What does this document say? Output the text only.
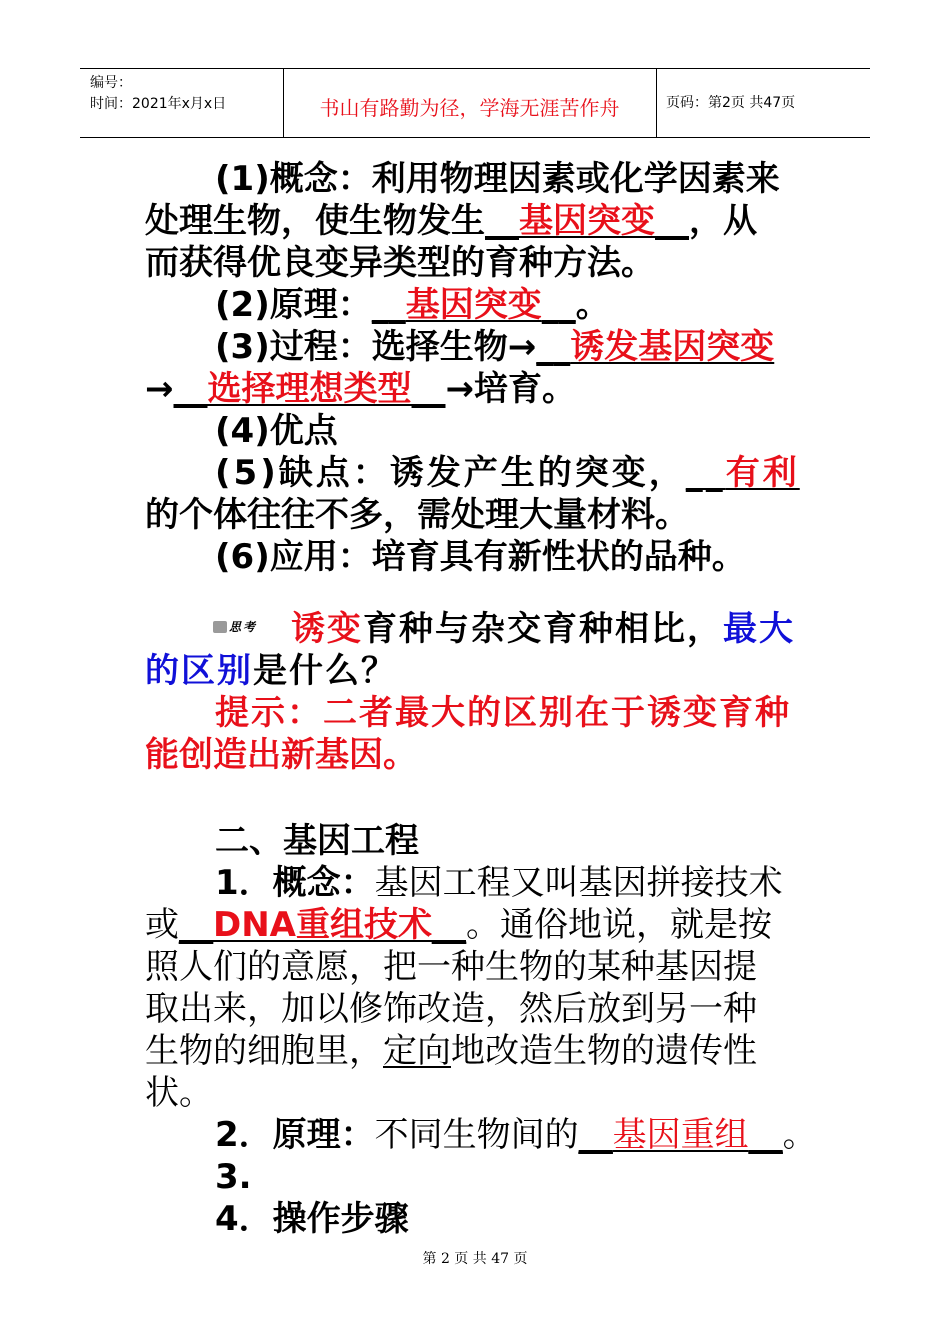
编号：
时间：2021年x月x日	书山有路勤为径，学海无涯苦作舟	页码：第2页 共47页
(1)概念：利用物理因素或化学因素来
处理生物，使生物发生__基因突变__，从
而获得优良变异类型的育种方法。
(2)原理：__基因突变__。
(3)过程：选择生物→__诱发基因突变
→__选择理想类型__→培育。
(4)优点
(5)缺点：诱发产生的突变，__有利
的个体往往不多，需处理大量材料。
(6)应用：培育具有新性状的品种。
思考 诱变育种与杂交育种相比，最大
的区别是什么？
提示：二者最大的区别在于诱变育种
能创造出新基因。
二、基因工程
1．概念：基因工程又叫基因拼接技术
或__DNA重组技术__。通俗地说，就是按
照人们的意愿，把一种生物的某种基因提
取出来，加以修饰改造，然后放到另一种
生物的细胞里，定向地改造生物的遗传性
状。
2．原理：不同生物间的__基因重组__。
3.
4．操作步骤
第 2 页 共 47 页
